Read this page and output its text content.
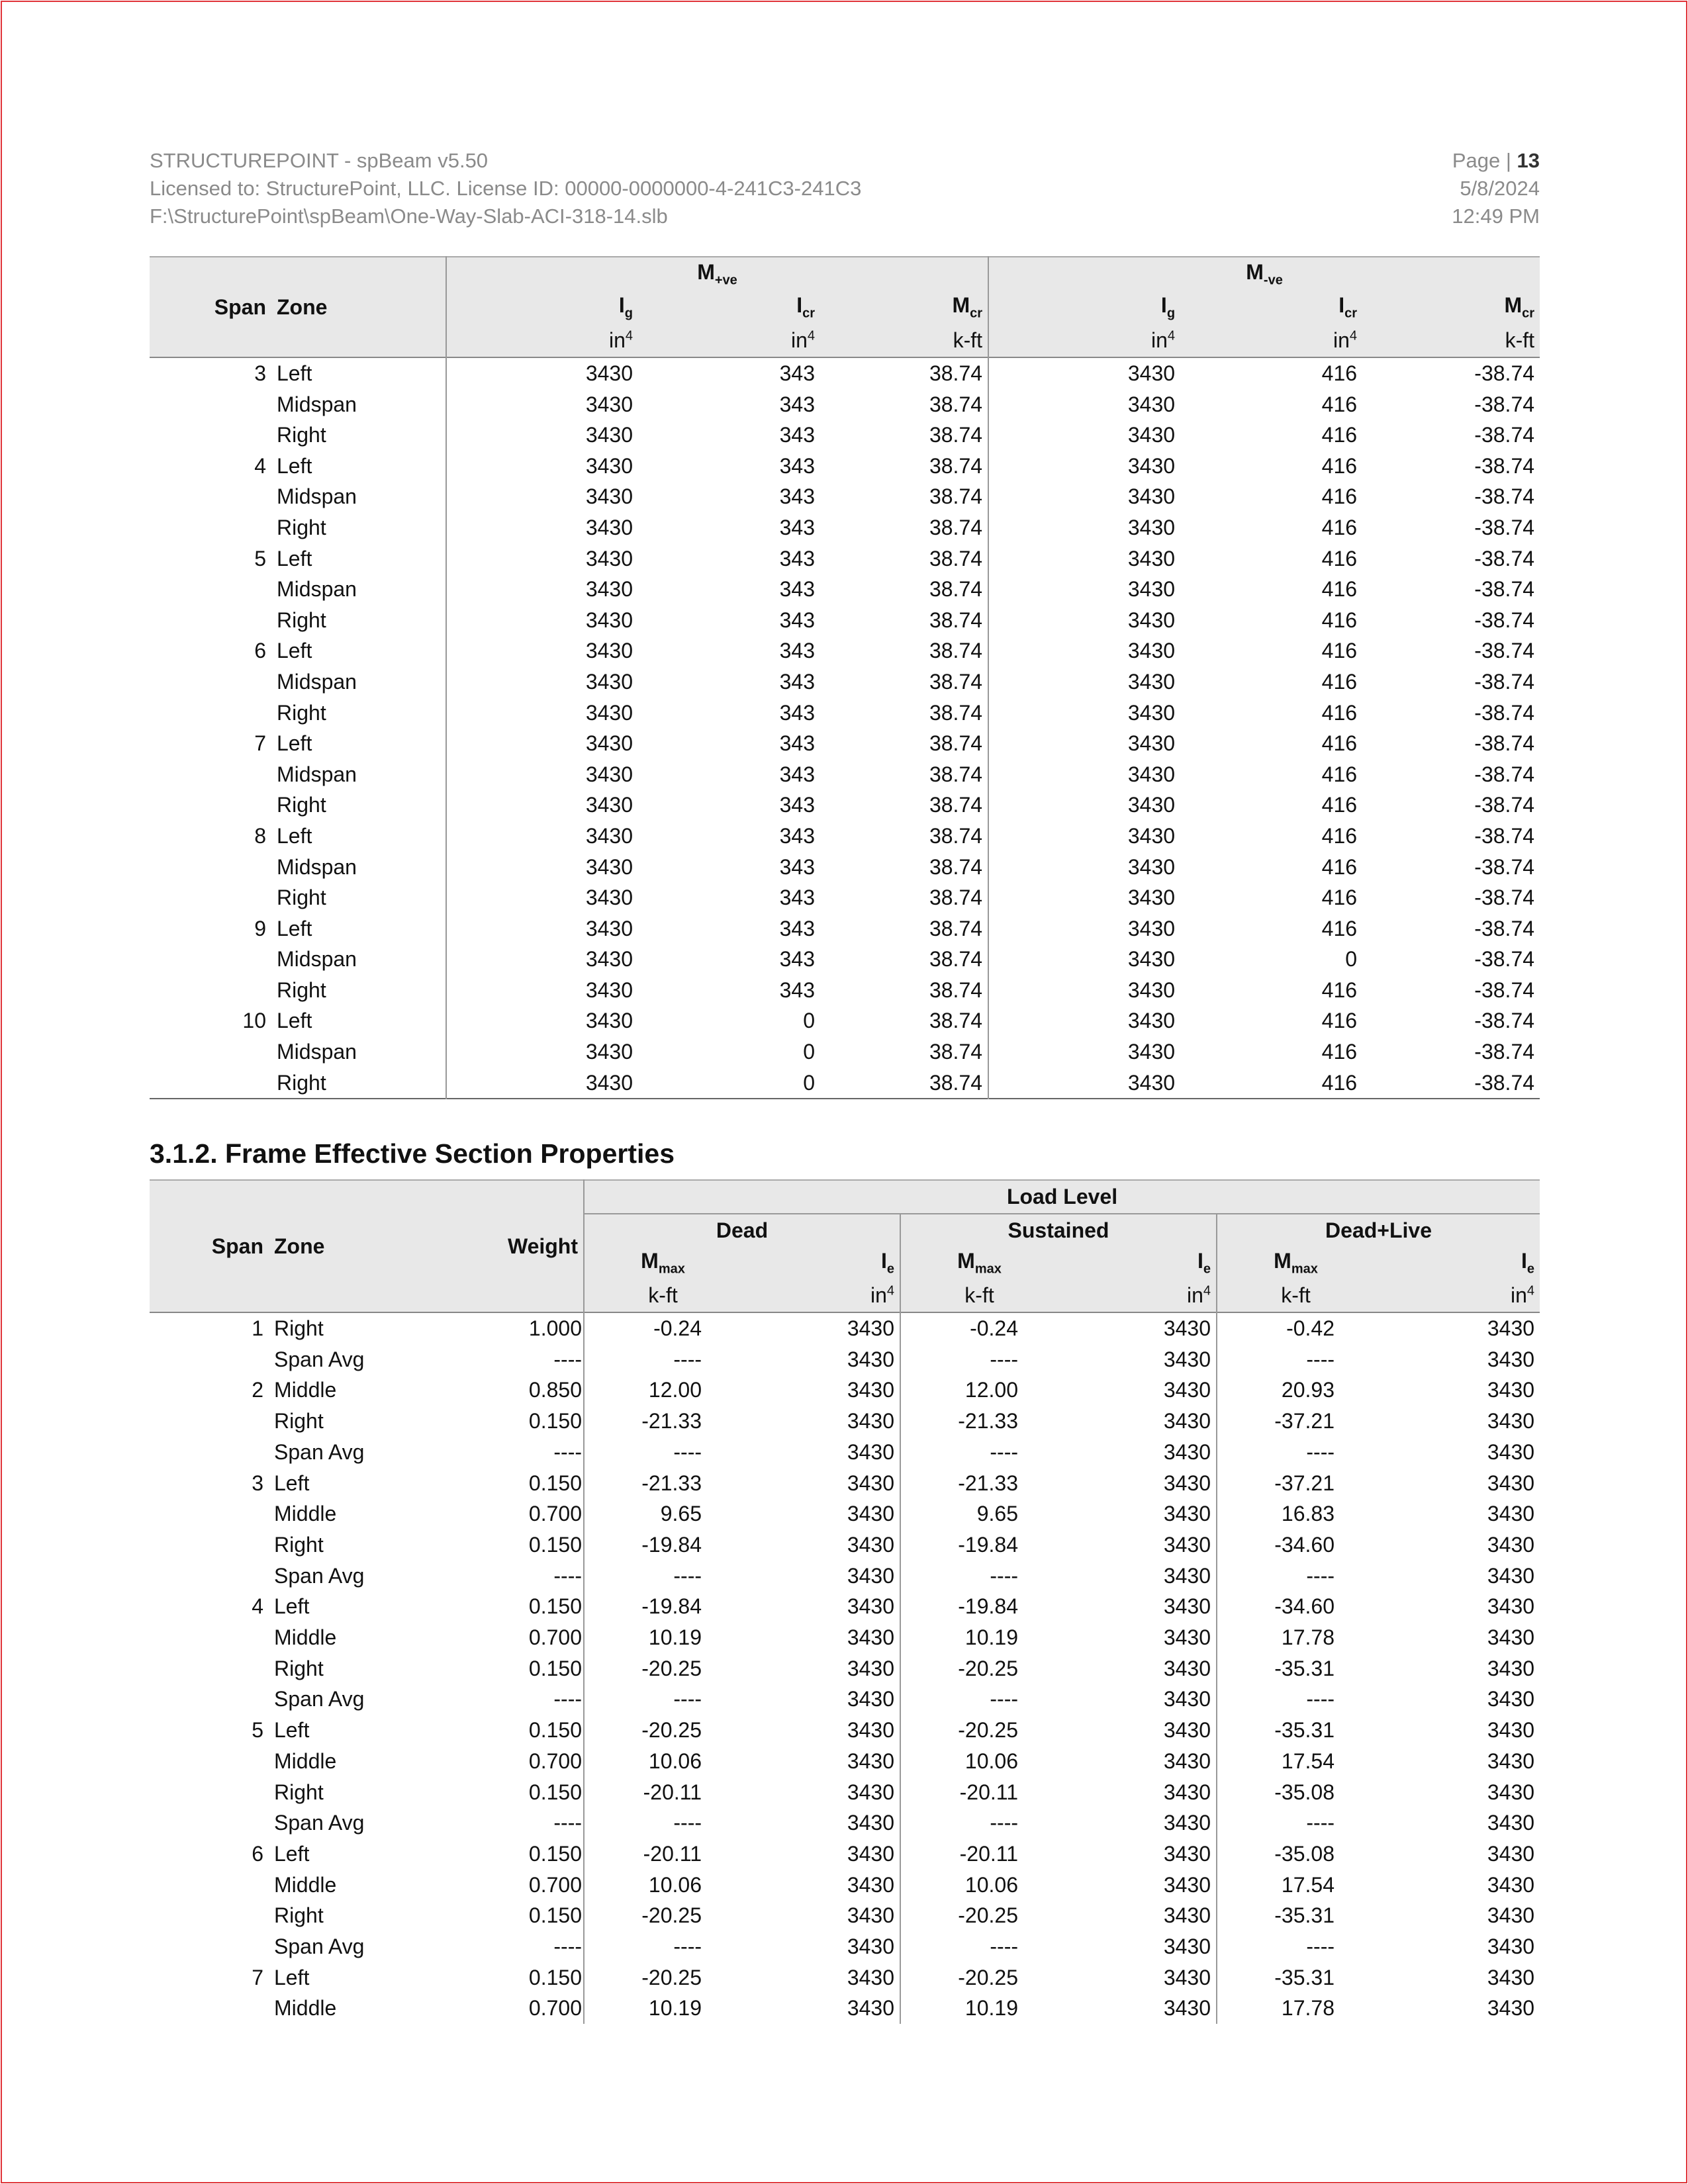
STRUCTUREPOINT - spBeam v5.50
Licensed to: StructurePoint, LLC. License ID: 00000-0000000-4-241C3-241C3
F:\StructurePoint\spBeam\One-Way-Slab-ACI-318-14.slb
Page | 13
5/8/2024
12:49 PM
Span	Zone	$M_{+ve}$			$M_{-ve}$
		$I_g$	$I_{cr}$	$M_{cr}$	$I_g$	$I_{cr}$	$M_{cr}$
		$in^4$	$in^4$	k-ft	$in^4$	$in^4$	k-ft
3	Left	3430	343	38.74	3430	416	-38.74
	Midspan	3430	343	38.74	3430	416	-38.74
	Right	3430	343	38.74	3430	416	-38.74
4	Left	3430	343	38.74	3430	416	-38.74
	Midspan	3430	343	38.74	3430	416	-38.74
	Right	3430	343	38.74	3430	416	-38.74
5	Left	3430	343	38.74	3430	416	-38.74
	Midspan	3430	343	38.74	3430	416	-38.74
	Right	3430	343	38.74	3430	416	-38.74
6	Left	3430	343	38.74	3430	416	-38.74
	Midspan	3430	343	38.74	3430	416	-38.74
	Right	3430	343	38.74	3430	416	-38.74
7	Left	3430	343	38.74	3430	416	-38.74
	Midspan	3430	343	38.74	3430	416	-38.74
	Right	3430	343	38.74	3430	416	-38.74
8	Left	3430	343	38.74	3430	416	-38.74
	Midspan	3430	343	38.74	3430	416	-38.74
	Right	3430	343	38.74	3430	416	-38.74
9	Left	3430	343	38.74	3430	416	-38.74
	Midspan	3430	343	38.74	3430	0	-38.74
	Right	3430	343	38.74	3430	416	-38.74
10	Left	3430	0	38.74	3430	416	-38.74
	Midspan	3430	0	38.74	3430	416	-38.74
	Right	3430	0	38.74	3430	416	-38.74
3.1.2. Frame Effective Section Properties
Span	Zone	Weight	Load Level					
			Dead		Sustained		Dead+Live	
			$M_{max}$	$I_e$	$M_{max}$	$I_e$	$M_{max}$	$I_e$
			k-ft	$in^4$	k-ft	$in^4$	k-ft	$in^4$
1	Right	1.000	-0.24	3430	-0.24	3430	-0.42	3430
	Span Avg	----	----	3430	----	3430	----	3430
2	Middle	0.850	12.00	3430	12.00	3430	20.93	3430
	Right	0.150	-21.33	3430	-21.33	3430	-37.21	3430
	Span Avg	----	----	3430	----	3430	----	3430
3	Left	0.150	-21.33	3430	-21.33	3430	-37.21	3430
	Middle	0.700	9.65	3430	9.65	3430	16.83	3430
	Right	0.150	-19.84	3430	-19.84	3430	-34.60	3430
	Span Avg	----	----	3430	----	3430	----	3430
4	Left	0.150	-19.84	3430	-19.84	3430	-34.60	3430
	Middle	0.700	10.19	3430	10.19	3430	17.78	3430
	Right	0.150	-20.25	3430	-20.25	3430	-35.31	3430
	Span Avg	----	----	3430	----	3430	----	3430
5	Left	0.150	-20.25	3430	-20.25	3430	-35.31	3430
	Middle	0.700	10.06	3430	10.06	3430	17.54	3430
	Right	0.150	-20.11	3430	-20.11	3430	-35.08	3430
	Span Avg	----	----	3430	----	3430	----	3430
6	Left	0.150	-20.11	3430	-20.11	3430	-35.08	3430
	Middle	0.700	10.06	3430	10.06	3430	17.54	3430
	Right	0.150	-20.25	3430	-20.25	3430	-35.31	3430
	Span Avg	----	----	3430	----	3430	----	3430
7	Left	0.150	-20.25	3430	-20.25	3430	-35.31	3430
	Middle	0.700	10.19	3430	10.19	3430	17.78	3430
